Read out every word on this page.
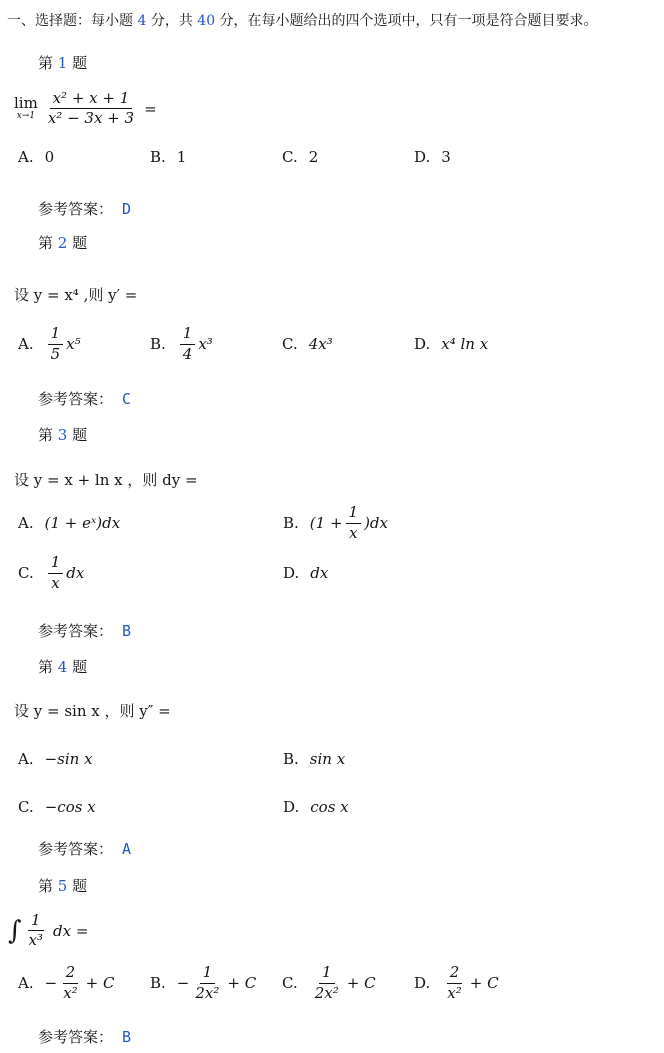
一、选择题：每小题 4 分，共 40 分，在每小题给出的四个选项中，只有一项是符合题目要求。
第 1 题
lim
$x\to 1 \frac{\text{x² + x + 1}}{\text{x² − 3x + 3}}$ =
A. 0	B. 1	C. 2	D. 3
参考答案： D
第 2 题
设 y = x⁴ ,则 y′ =
A. $\frac{1}{5} x^5$	B. $\frac{1}{4} x^3$	C. 4x³	D. x⁴ ln x
参考答案： C
第 3 题
设 y = x + ln x ，则 dy =
A. (1 + eˣ)dx	B. $(1 + \frac{1}{x} )dx$
C. $\frac{1}{x}$ dx	D. dx
参考答案： B
第 4 题
设 y = sin x ，则 y″ =
A. −sin x	B. sin x
C. −cos x	D. cos x
参考答案： A
第 5 题
∫ $\frac{1}{\text{x³}}$ dx =
A. − $\frac{2}{\text{x²}} + C$ B. − $\frac{1}{\text{2x²}} + C$ C. $\frac{1}{\text{2x²}} + C$	D. $\frac{2}{\text{x²}} + C$
参考答案： B
